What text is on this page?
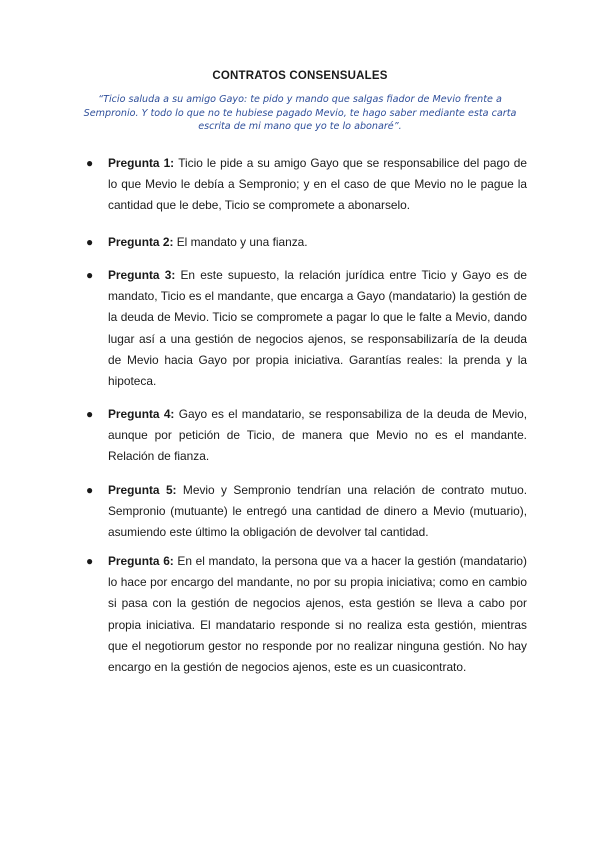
CONTRATOS CONSENSUALES
“Ticio saluda a su amigo Gayo: te pido y mando que salgas fiador de Mevio frente a Sempronio. Y todo lo que no te hubiese pagado Mevio, te hago saber mediante esta carta escrita de mi mano que yo te lo abonaré”.
● Pregunta 1: Ticio le pide a su amigo Gayo que se responsabilice del pago de lo que Mevio le debía a Sempronio; y en el caso de que Mevio no le pague la cantidad que le debe, Ticio se compromete a abonarselo.
● Pregunta 2: El mandato y una fianza.
● Pregunta 3: En este supuesto, la relación jurídica entre Ticio y Gayo es de mandato, Ticio es el mandante, que encarga a Gayo (mandatario) la gestión de la deuda de Mevio. Ticio se compromete a pagar lo que le falte a Mevio, dando lugar así a una gestión de negocios ajenos, se responsabilizaría de la deuda de Mevio hacia Gayo por propia iniciativa. Garantías reales: la prenda y la hipoteca.
● Pregunta 4: Gayo es el mandatario, se responsabiliza de la deuda de Mevio, aunque por petición de Ticio, de manera que Mevio no es el mandante. Relación de fianza.
● Pregunta 5: Mevio y Sempronio tendrían una relación de contrato mutuo. Sempronio (mutuante) le entregó una cantidad de dinero a Mevio (mutuario), asumiendo este último la obligación de devolver tal cantidad.
● Pregunta 6: En el mandato, la persona que va a hacer la gestión (mandatario) lo hace por encargo del mandante, no por su propia iniciativa; como en cambio si pasa con la gestión de negocios ajenos, esta gestión se lleva a cabo por propia iniciativa. El mandatario responde si no realiza esta gestión, mientras que el negotiorum gestor no responde por no realizar ninguna gestión. No hay encargo en la gestión de negocios ajenos, este es un cuasicontrato.
